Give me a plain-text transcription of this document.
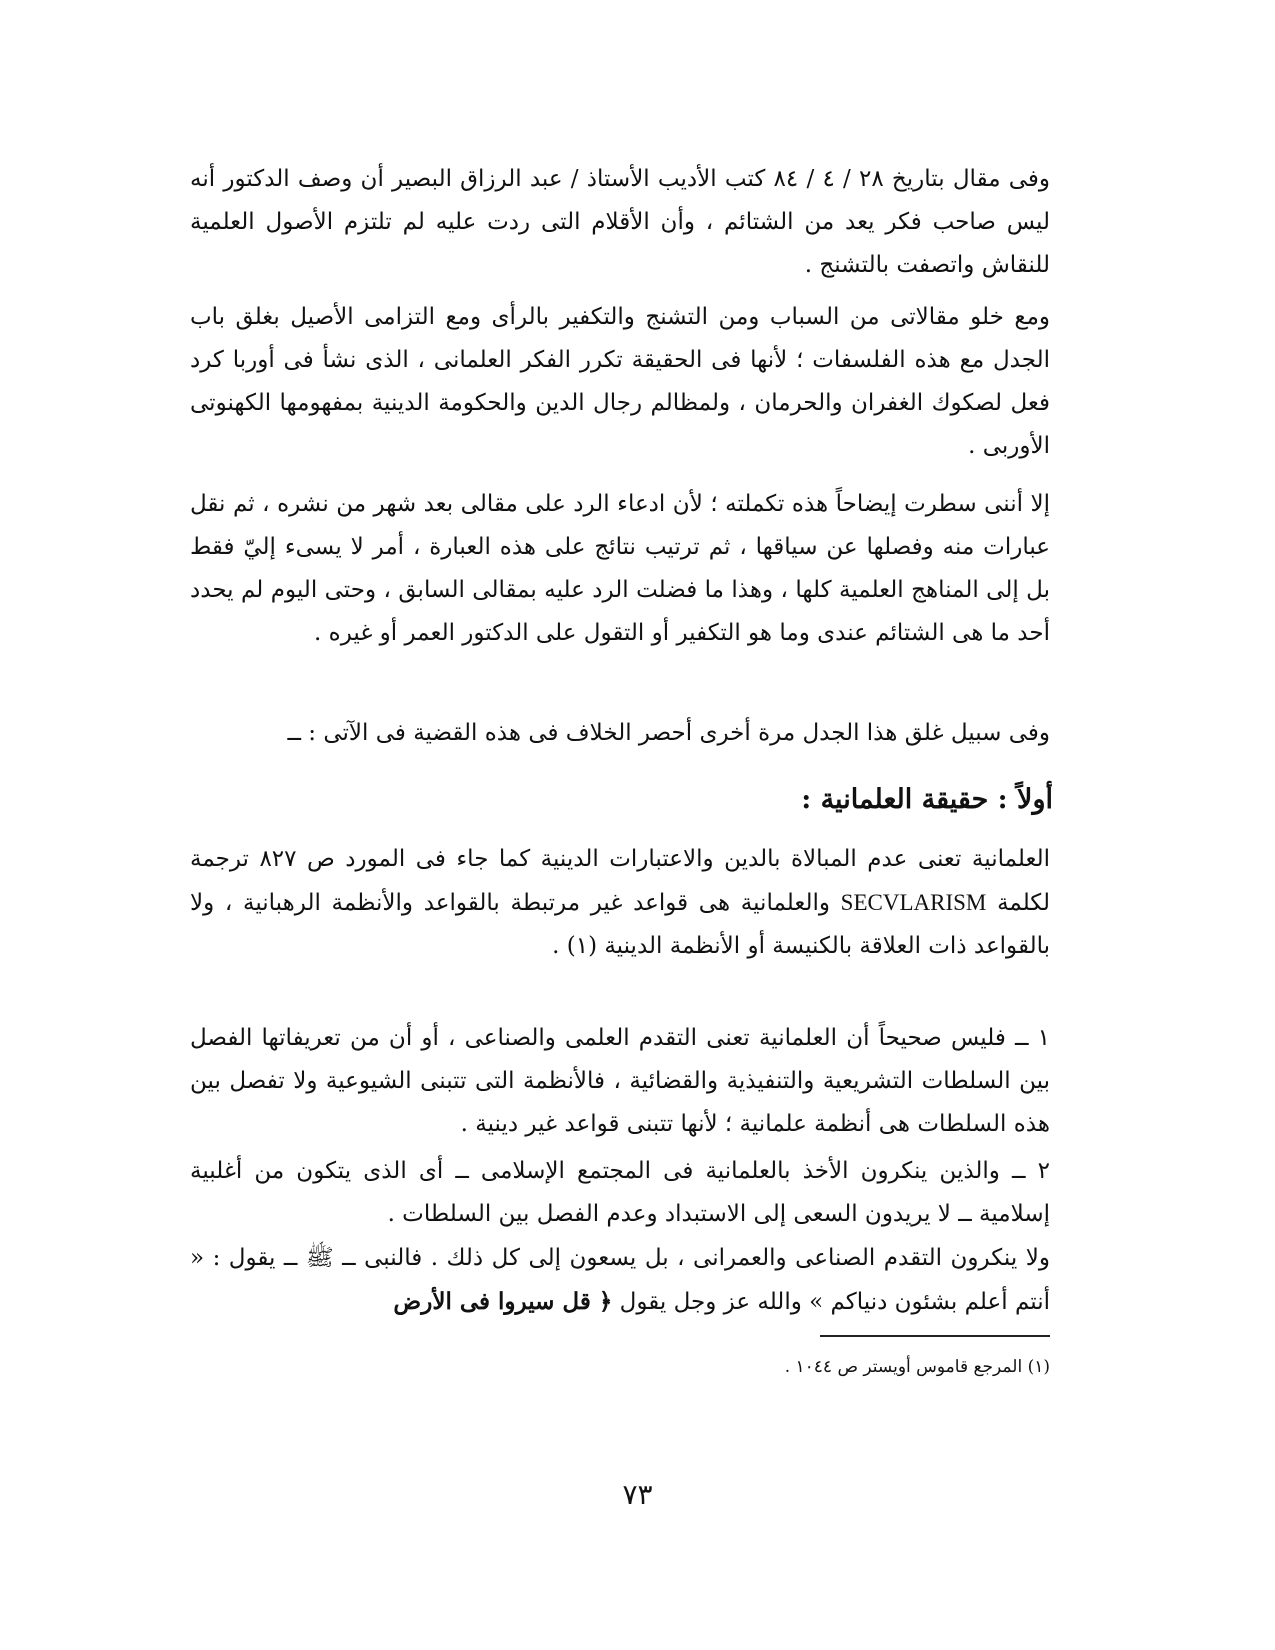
وفى مقال بتاريخ ٢٨ / ٤ / ٨٤ كتب الأديب الأستاذ / عبد الرزاق البصير أن وصف الدكتور أنه ليس صاحب فكر يعد من الشتائم ، وأن الأقلام التى ردت عليه لم تلتزم الأصول العلمية للنقاش واتصفت بالتشنج .

ومع خلو مقالاتى من السباب ومن التشنج والتكفير بالرأى ومع التزامى الأصيل بغلق باب الجدل مع هذه الفلسفات ؛ لأنها فى الحقيقة تكرر الفكر العلمانى ، الذى نشأ فى أوربا كرد فعل لصكوك الغفران والحرمان ، ولمظالم رجال الدين والحكومة الدينية بمفهومها الكهنوتى الأوربى .

إلا أننى سطرت إيضاحاً هذه تكملته ؛ لأن ادعاء الرد على مقالى بعد شهر من نشره ، ثم نقل عبارات منه وفصلها عن سياقها ، ثم ترتيب نتائج على هذه العبارة ، أمر لا يسىء إليّ فقط بل إلى المناهج العلمية كلها ، وهذا ما فضلت الرد عليه بمقالى السابق ، وحتى اليوم لم يحدد أحد ما هى الشتائم عندى وما هو التكفير أو التقول على الدكتور العمر أو غيره .

وفى سبيل غلق هذا الجدل مرة أخرى أحصر الخلاف فى هذه القضية فى الآتى : ــ

أولاً : حقيقة العلمانية :

العلمانية تعنى عدم المبالاة بالدين والاعتبارات الدينية كما جاء فى المورد ص ٨٢٧ ترجمة لكلمة SECVLARISM والعلمانية هى قواعد غير مرتبطة بالقواعد والأنظمة الرهبانية ، ولا بالقواعد ذات العلاقة بالكنيسة أو الأنظمة الدينية (١) .

١ ــ فليس صحيحاً أن العلمانية تعنى التقدم العلمى والصناعى ، أو أن من تعريفاتها الفصل بين السلطات التشريعية والتنفيذية والقضائية ، فالأنظمة التى تتبنى الشيوعية ولا تفصل بين هذه السلطات هى أنظمة علمانية ؛ لأنها تتبنى قواعد غير دينية .

٢ ــ والذين ينكرون الأخذ بالعلمانية فى المجتمع الإسلامى ــ أى الذى يتكون من أغلبية إسلامية ــ لا يريدون السعى إلى الاستبداد وعدم الفصل بين السلطات .

ولا ينكرون التقدم الصناعى والعمرانى ، بل يسعون إلى كل ذلك . فالنبى ــ ﷺ ــ يقول : « أنتم أعلم بشئون دنياكم » والله عز وجل يقول ﴿ قل سيروا فى الأرض

(١) المرجع قاموس أويستر ص ١٠٤٤ .

٧٣
